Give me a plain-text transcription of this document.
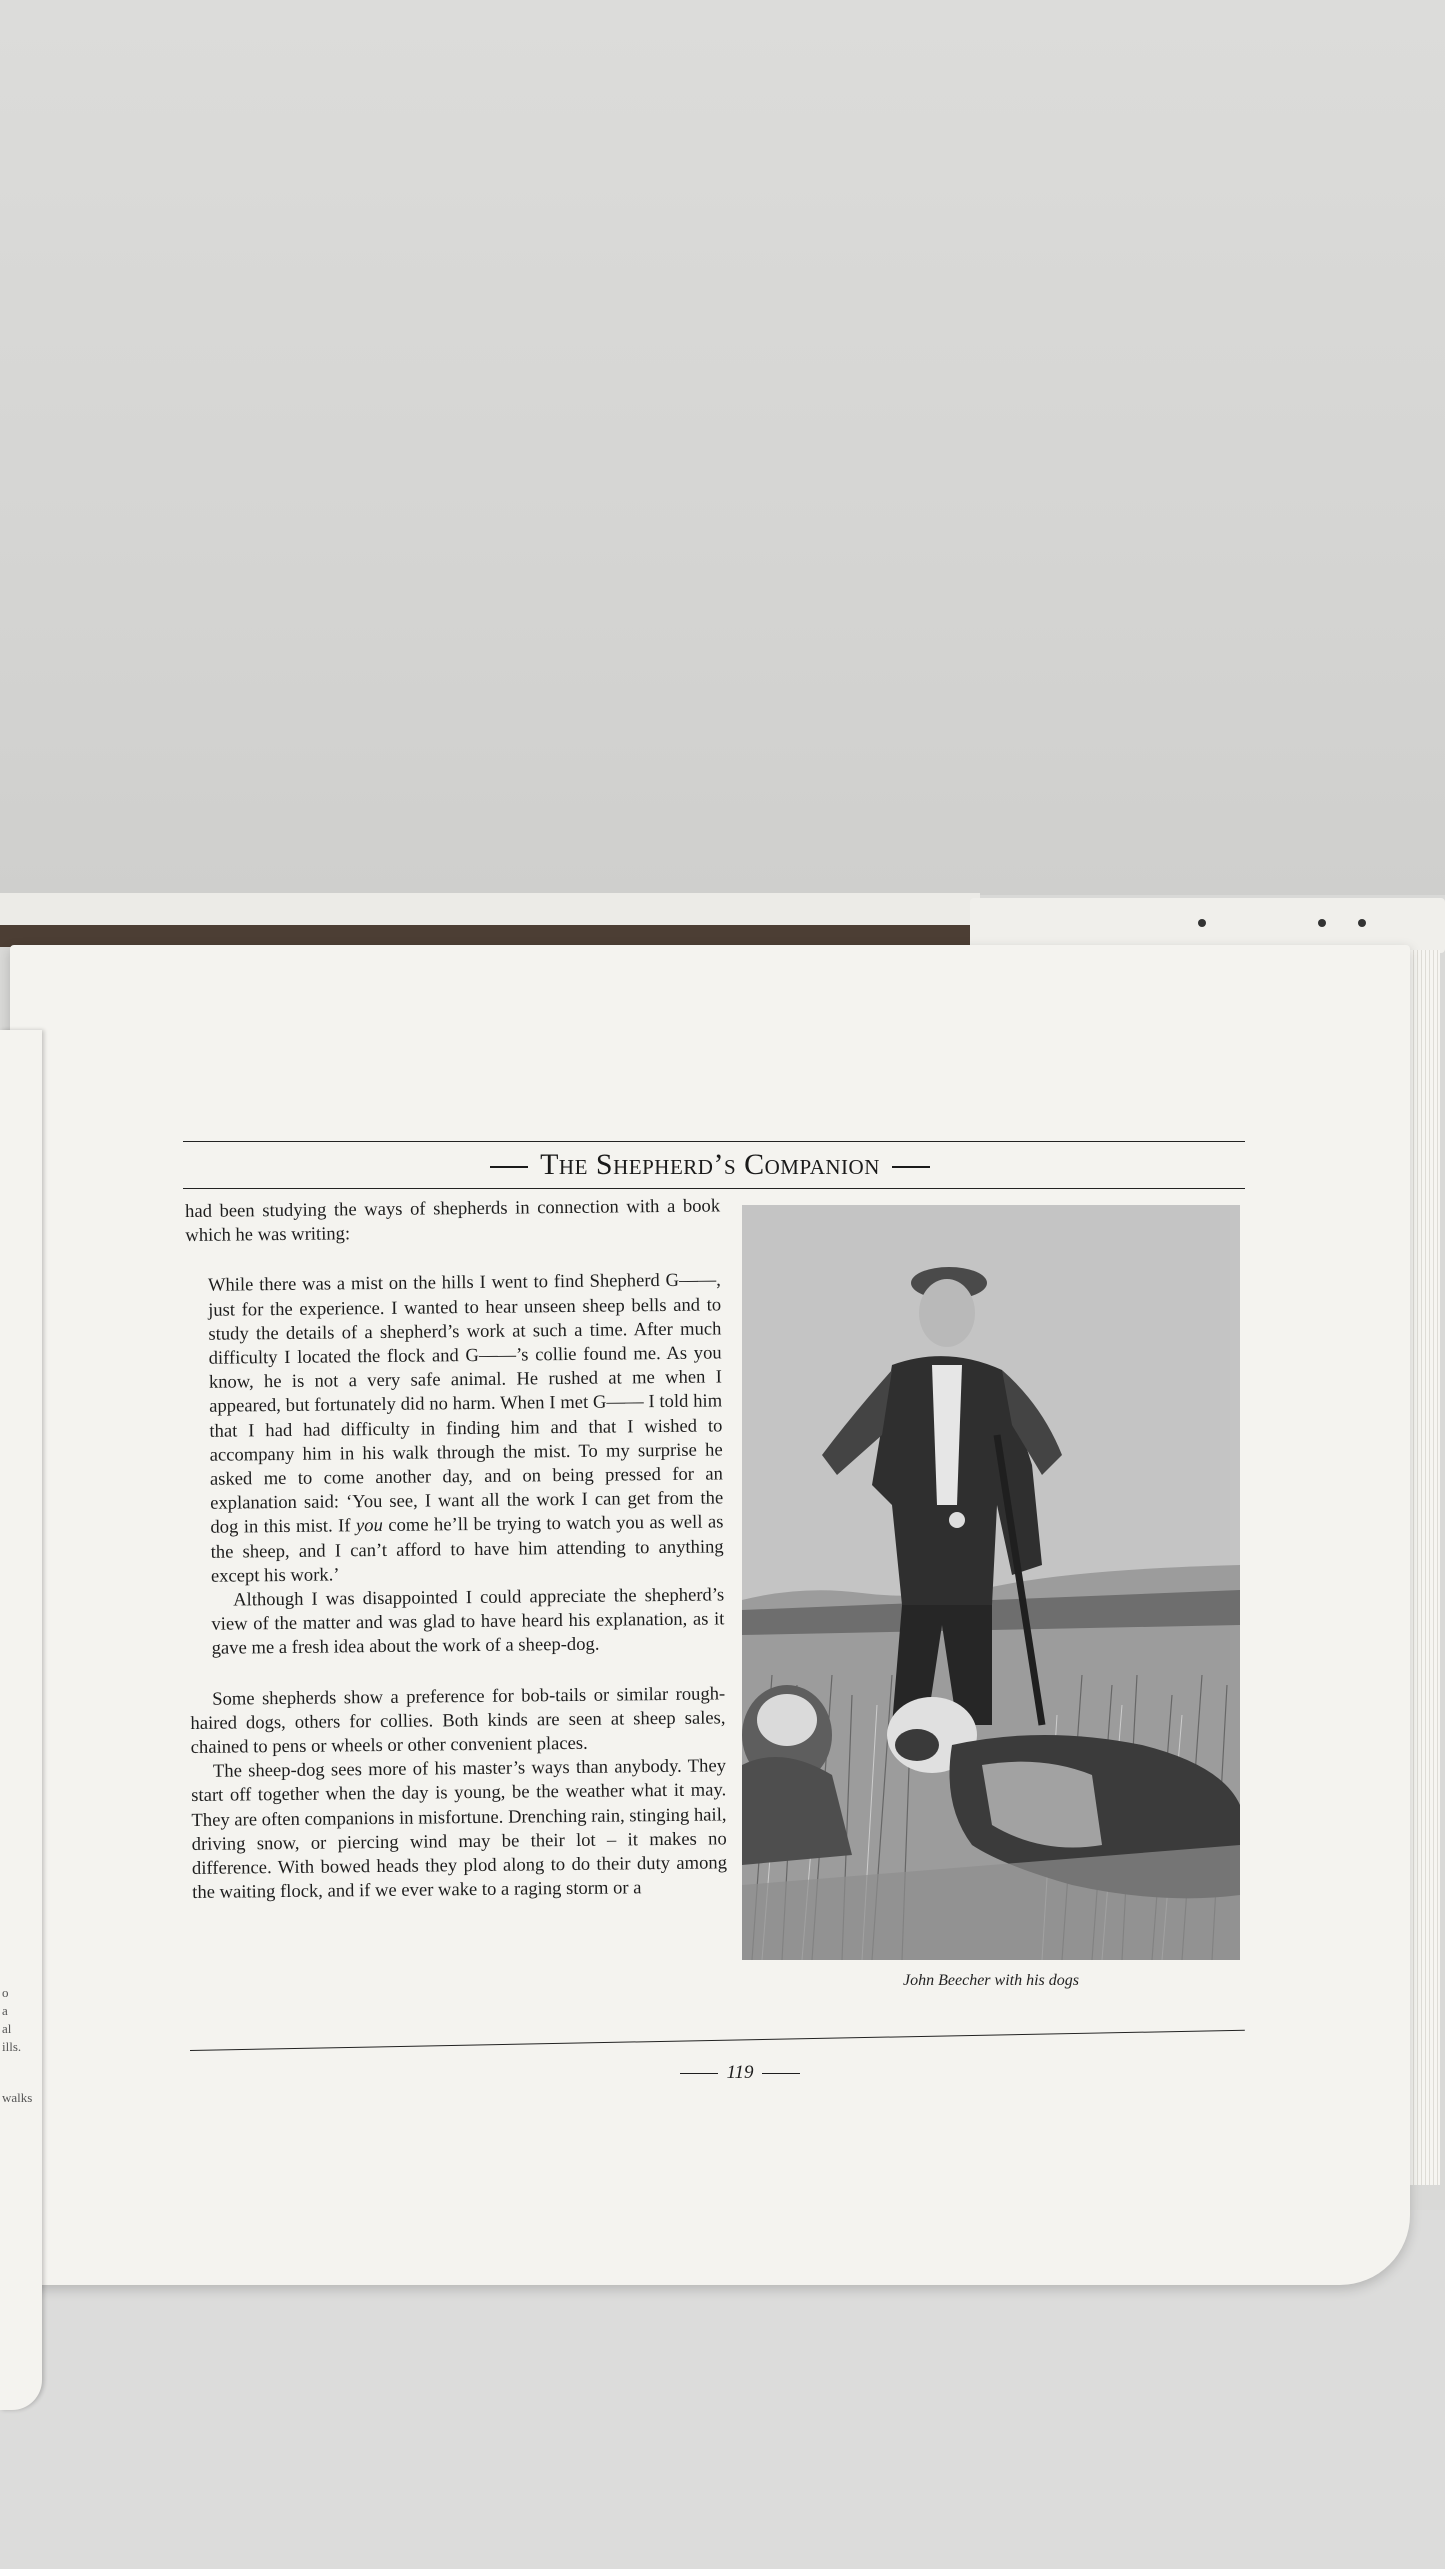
o
a
al
ills.
walks
The Shepherd’s Companion

had been studying the ways of shepherds in connection with a book which he was writing:

While there was a mist on the hills I went to find Shepherd G——, just for the experience. I wanted to hear unseen sheep bells and to study the details of a shepherd’s work at such a time. After much difficulty I located the flock and G——’s collie found me. As you know, he is not a very safe animal. He rushed at me when I appeared, but fortunately did no harm. When I met G—— I told him that I had had difficulty in finding him and that I wished to accompany him in his walk through the mist. To my surprise he asked me to come another day, and on being pressed for an explanation said: ‘You see, I want all the work I can get from the dog in this mist. If you come he’ll be trying to watch you as well as the sheep, and I can’t afford to have him attending to anything except his work.’

Although I was disappointed I could appreciate the shepherd’s view of the matter and was glad to have heard his explanation, as it gave me a fresh idea about the work of a sheep-dog.

Some shepherds show a preference for bob-tails or similar rough-haired dogs, others for collies. Both kinds are seen at sheep sales, chained to pens or wheels or other convenient places.

The sheep-dog sees more of his master’s ways than anybody. They start off together when the day is young, be the weather what it may. They are often companions in misfortune. Drenching rain, stinging hail, driving snow, or piercing wind may be their lot – it makes no difference. With bowed heads they plod along to do their duty among the waiting flock, and if we ever wake to a raging storm or a

John Beecher with his dogs
119
